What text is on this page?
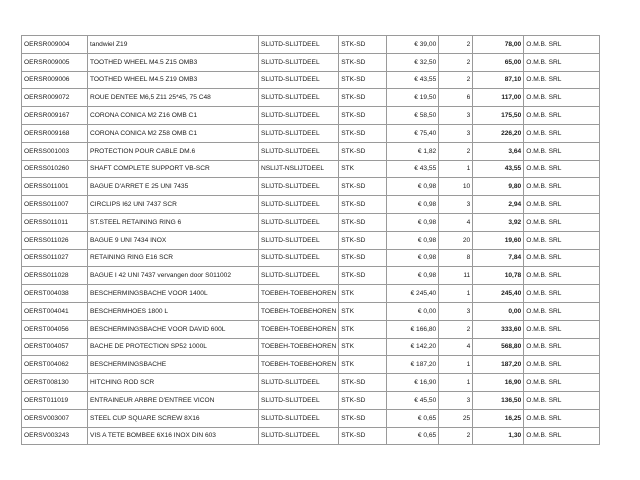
OERSR009004	tandwiel Z19	SLIJTD-SLIJTDEEL	STK-SD	€ 39,00	2	78,00	O.M.B. SRL
OERSR009005	TOOTHED WHEEL M4.5 Z15 OMB3	SLIJTD-SLIJTDEEL	STK-SD	€ 32,50	2	65,00	O.M.B. SRL
OERSR009006	TOOTHED WHEEL M4.5 Z19 OMB3	SLIJTD-SLIJTDEEL	STK-SD	€ 43,55	2	87,10	O.M.B. SRL
OERSR009072	ROUE DENTEE M6,5 Z11 25*45, 75 C48	SLIJTD-SLIJTDEEL	STK-SD	€ 19,50	6	117,00	O.M.B. SRL
OERSR009167	CORONA CONICA M2 Z16 OMB C1	SLIJTD-SLIJTDEEL	STK-SD	€ 58,50	3	175,50	O.M.B. SRL
OERSR009168	CORONA CONICA M2 Z58 OMB C1	SLIJTD-SLIJTDEEL	STK-SD	€ 75,40	3	226,20	O.M.B. SRL
OERSS001003	PROTECTION POUR CABLE DM.6	SLIJTD-SLIJTDEEL	STK-SD	€ 1,82	2	3,64	O.M.B. SRL
OERSS010260	SHAFT COMPLETE SUPPORT VB-SCR	NSLIJT-NSLIJTDEEL	STK	€ 43,55	1	43,55	O.M.B. SRL
OERSS011001	BAGUE D'ARRET E 25 UNI 7435	SLIJTD-SLIJTDEEL	STK-SD	€ 0,98	10	9,80	O.M.B. SRL
OERSS011007	CIRCLIPS I62 UNI 7437 SCR	SLIJTD-SLIJTDEEL	STK-SD	€ 0,98	3	2,94	O.M.B. SRL
OERSS011011	ST.STEEL RETAINING RING 6	SLIJTD-SLIJTDEEL	STK-SD	€ 0,98	4	3,92	O.M.B. SRL
OERSS011026	BAGUE 9 UNI 7434 INOX	SLIJTD-SLIJTDEEL	STK-SD	€ 0,98	20	19,60	O.M.B. SRL
OERSS011027	RETAINING RING E16 SCR	SLIJTD-SLIJTDEEL	STK-SD	€ 0,98	8	7,84	O.M.B. SRL
OERSS011028	BAGUE I 42 UNI 7437 vervangen door S011002	SLIJTD-SLIJTDEEL	STK-SD	€ 0,98	11	10,78	O.M.B. SRL
OERST004038	BESCHERMINGSBACHE VOOR 1400L	TOEBEH-TOEBEHOREN	STK	€ 245,40	1	245,40	O.M.B. SRL
OERST004041	BESCHERMHOES 1800 L	TOEBEH-TOEBEHOREN	STK	€ 0,00	3	0,00	O.M.B. SRL
OERST004056	BESCHERMINGSBACHE VOOR DAVID 600L	TOEBEH-TOEBEHOREN	STK	€ 166,80	2	333,60	O.M.B. SRL
OERST004057	BACHE DE PROTECTION SP52 1000L	TOEBEH-TOEBEHOREN	STK	€ 142,20	4	568,80	O.M.B. SRL
OERST004062	BESCHERMINGSBACHE	TOEBEH-TOEBEHOREN	STK	€ 187,20	1	187,20	O.M.B. SRL
OERST008130	HITCHING ROD SCR	SLIJTD-SLIJTDEEL	STK-SD	€ 16,90	1	16,90	O.M.B. SRL
OERST011019	ENTRAINEUR ARBRE D'ENTREE VICON	SLIJTD-SLIJTDEEL	STK-SD	€ 45,50	3	136,50	O.M.B. SRL
OERSV003007	STEEL CUP SQUARE SCREW 8X16	SLIJTD-SLIJTDEEL	STK-SD	€ 0,65	25	16,25	O.M.B. SRL
OERSV003243	VIS A TETE BOMBEE 6X16 INOX DIN 603	SLIJTD-SLIJTDEEL	STK-SD	€ 0,65	2	1,30	O.M.B. SRL
